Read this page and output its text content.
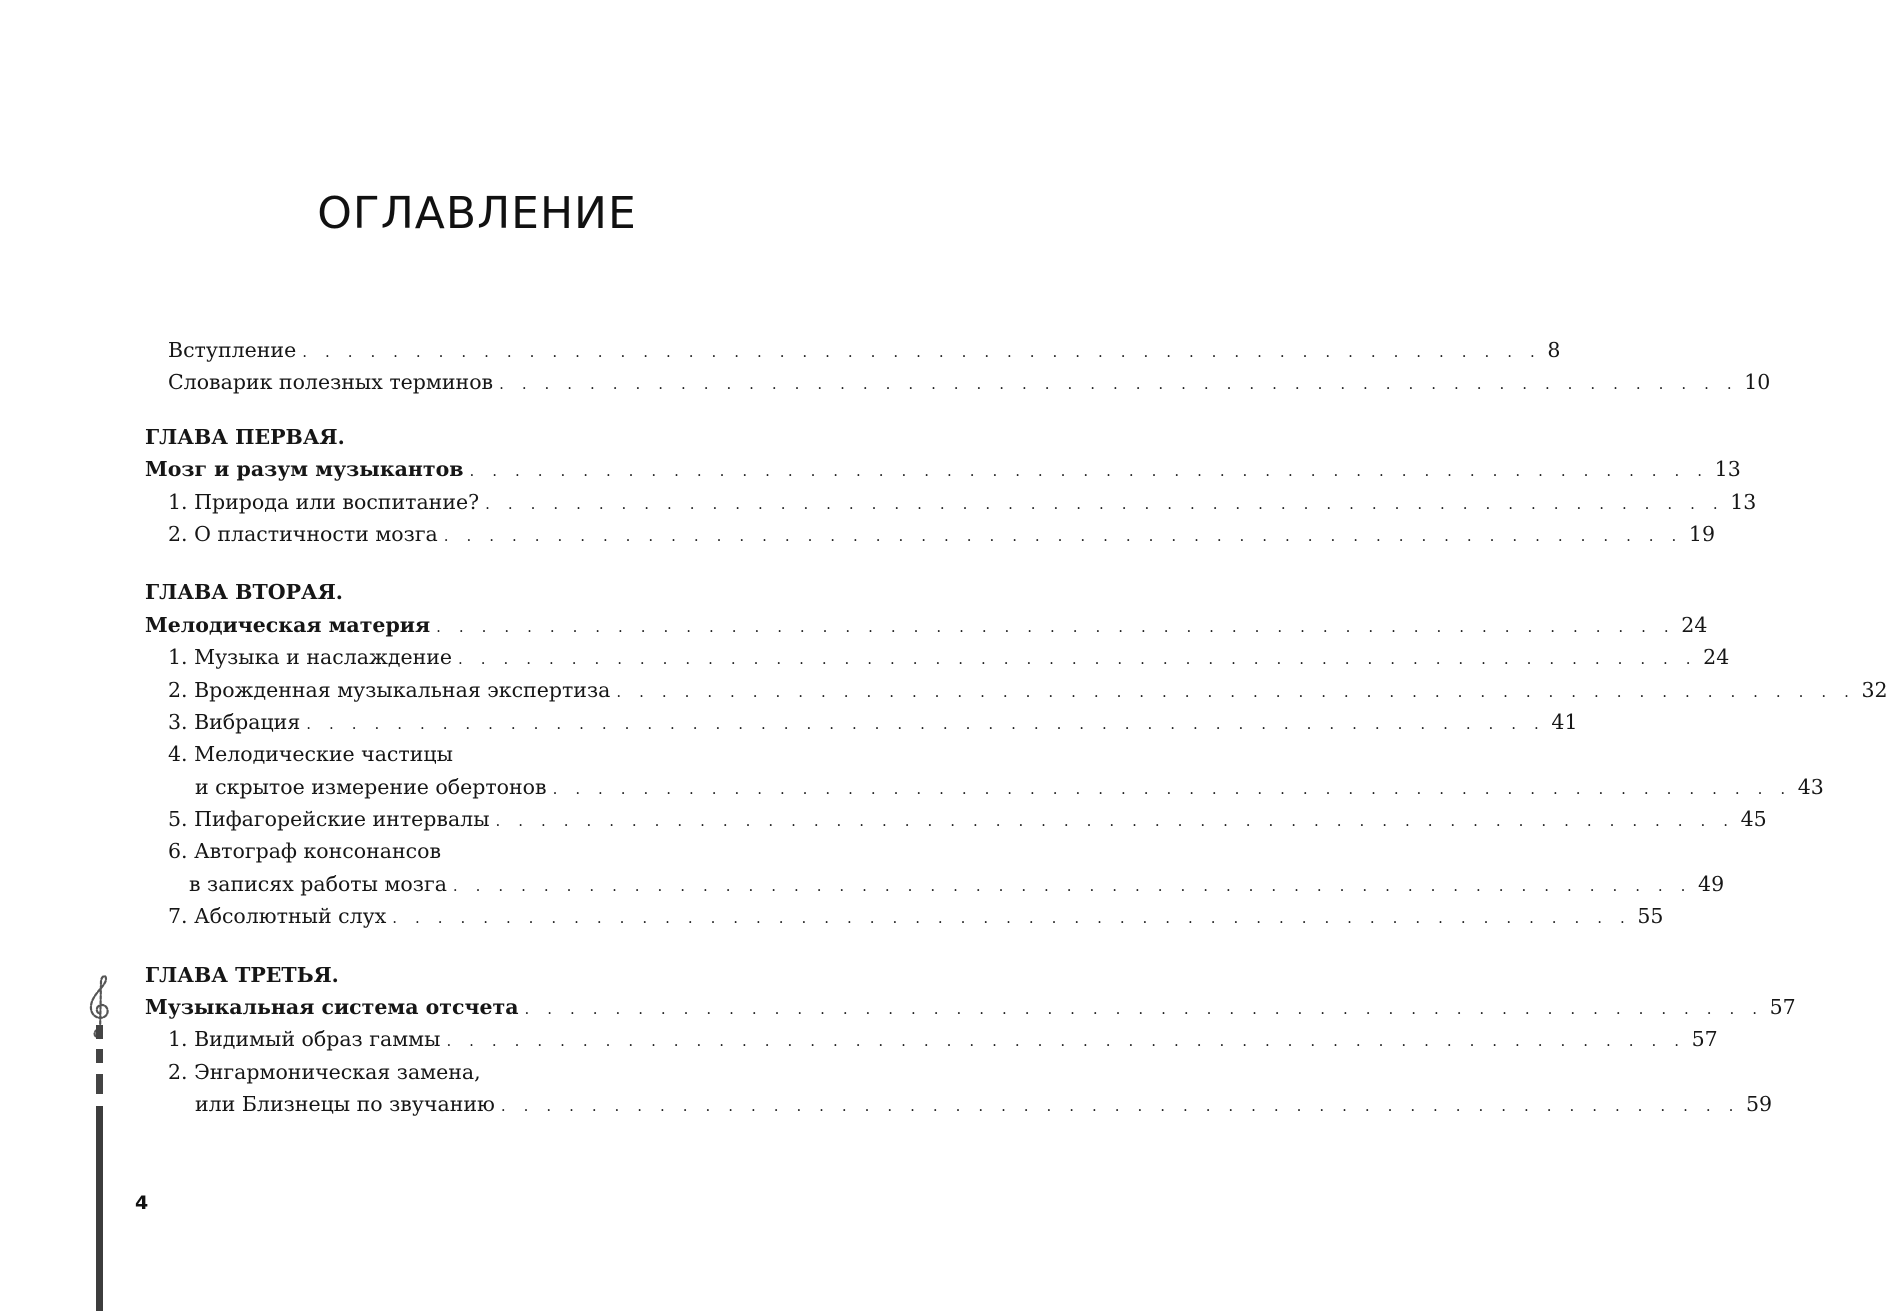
ОГЛАВЛЕНИЕ
Вступление . . . . . . . . . . . . . . . . . . . . . . . . . . . . . . . . . . . . . . . . . . . . . . . . . . . . . . . 8
Словарик полезных терминов . . . . . . . . . . . . . . . . . . . . . . . . . . . . . . . . . . . . . . . . . . . . . . . . . . . . . . . 10
ГЛАВА ПЕРВАЯ.
Мозг и разум музыкантов . . . . . . . . . . . . . . . . . . . . . . . . . . . . . . . . . . . . . . . . . . . . . . . . . . . . . . . 13
1. Природа или воспитание? . . . . . . . . . . . . . . . . . . . . . . . . . . . . . . . . . . . . . . . . . . . . . . . . . . . . . . . 13
2. О пластичности мозга . . . . . . . . . . . . . . . . . . . . . . . . . . . . . . . . . . . . . . . . . . . . . . . . . . . . . . . 19
ГЛАВА ВТОРАЯ.
Мелодическая материя . . . . . . . . . . . . . . . . . . . . . . . . . . . . . . . . . . . . . . . . . . . . . . . . . . . . . . . 24
1. Музыка и наслаждение . . . . . . . . . . . . . . . . . . . . . . . . . . . . . . . . . . . . . . . . . . . . . . . . . . . . . . . 24
2. Врожденная музыкальная экспертиза . . . . . . . . . . . . . . . . . . . . . . . . . . . . . . . . . . . . . . . . . . . . . . . . . . . . . . . 32
3. Вибрация . . . . . . . . . . . . . . . . . . . . . . . . . . . . . . . . . . . . . . . . . . . . . . . . . . . . . . . 41
4. Мелодические частицы
и скрытое измерение обертонов . . . . . . . . . . . . . . . . . . . . . . . . . . . . . . . . . . . . . . . . . . . . . . . . . . . . . . . 43
5. Пифагорейские интервалы . . . . . . . . . . . . . . . . . . . . . . . . . . . . . . . . . . . . . . . . . . . . . . . . . . . . . . . 45
6. Автограф консонансов
в записях работы мозга . . . . . . . . . . . . . . . . . . . . . . . . . . . . . . . . . . . . . . . . . . . . . . . . . . . . . . . 49
7. Абсолютный слух . . . . . . . . . . . . . . . . . . . . . . . . . . . . . . . . . . . . . . . . . . . . . . . . . . . . . . . 55
ГЛАВА ТРЕТЬЯ.
Музыкальная система отсчета . . . . . . . . . . . . . . . . . . . . . . . . . . . . . . . . . . . . . . . . . . . . . . . . . . . . . . . 57
1. Видимый образ гаммы . . . . . . . . . . . . . . . . . . . . . . . . . . . . . . . . . . . . . . . . . . . . . . . . . . . . . . . 57
2. Энгармоническая замена,
или Близнецы по звучанию . . . . . . . . . . . . . . . . . . . . . . . . . . . . . . . . . . . . . . . . . . . . . . . . . . . . . . . 59
4
